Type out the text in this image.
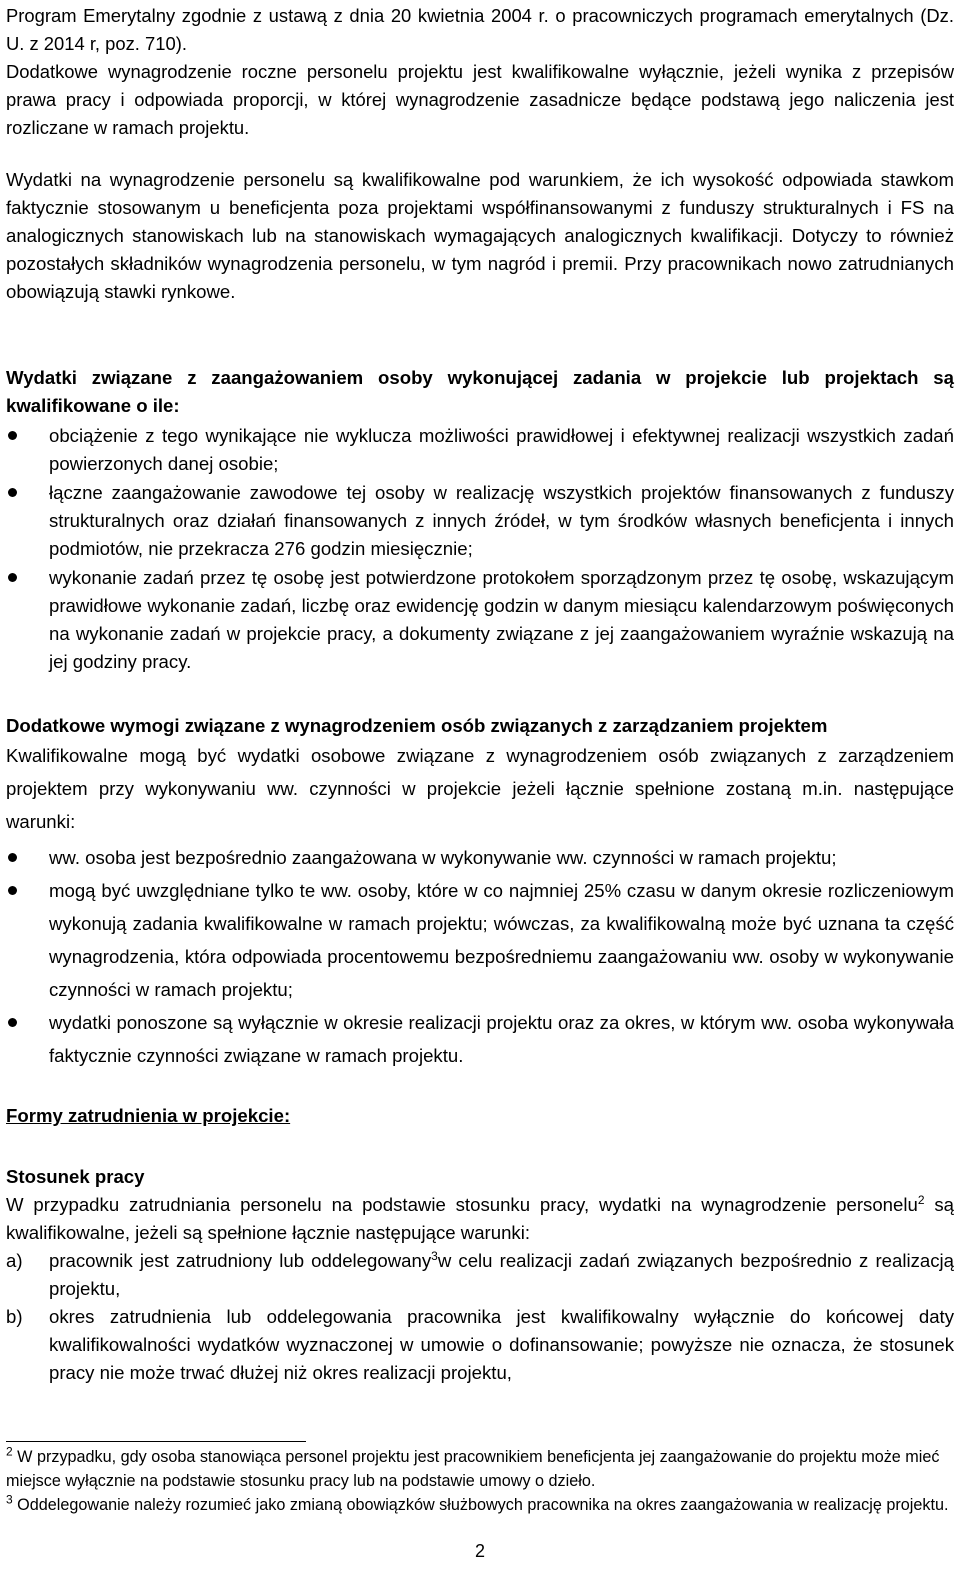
Program Emerytalny zgodnie z ustawą z dnia 20 kwietnia 2004 r. o pracowniczych programach emerytalnych (Dz. U. z 2014 r, poz. 710).

Dodatkowe wynagrodzenie roczne personelu projektu jest kwalifikowalne wyłącznie, jeżeli wynika z przepisów prawa pracy i odpowiada proporcji, w której wynagrodzenie zasadnicze będące podstawą jego naliczenia jest rozliczane w ramach projektu.

Wydatki na wynagrodzenie personelu są kwalifikowalne pod warunkiem, że ich wysokość odpowiada stawkom faktycznie stosowanym u beneficjenta poza projektami współfinansowanymi z funduszy strukturalnych i FS na analogicznych stanowiskach lub na stanowiskach wymagających analogicznych kwalifikacji. Dotyczy to również pozostałych składników wynagrodzenia personelu, w tym nagród i premii. Przy pracownikach nowo zatrudnianych obowiązują stawki rynkowe.

Wydatki związane z zaangażowaniem osoby wykonującej zadania w projekcie lub projektach są kwalifikowane o ile:

obciążenie z tego wynikające nie wyklucza możliwości prawidłowej i efektywnej realizacji wszystkich zadań powierzonych danej osobie;
łączne zaangażowanie zawodowe tej osoby w realizację wszystkich projektów finansowanych z funduszy strukturalnych oraz działań finansowanych z innych źródeł, w tym środków własnych beneficjenta i innych podmiotów, nie przekracza 276 godzin miesięcznie;
wykonanie zadań przez tę osobę jest potwierdzone protokołem sporządzonym przez tę osobę, wskazującym prawidłowe wykonanie zadań, liczbę oraz ewidencję godzin w danym miesiącu kalendarzowym poświęconych na wykonanie zadań w projekcie pracy, a dokumenty związane z jej zaangażowaniem wyraźnie wskazują na jej godziny pracy.

Dodatkowe wymogi związane z wynagrodzeniem osób związanych z zarządzaniem projektem

Kwalifikowalne mogą być wydatki osobowe związane z wynagrodzeniem osób związanych z zarządzeniem projektem przy wykonywaniu ww. czynności w projekcie jeżeli łącznie spełnione zostaną m.in. następujące warunki:

ww. osoba jest bezpośrednio zaangażowana w wykonywanie ww. czynności w ramach projektu;
mogą być uwzględniane tylko te ww. osoby, które w co najmniej 25% czasu w danym okresie rozliczeniowym wykonują zadania kwalifikowalne w ramach projektu; wówczas, za kwalifikowalną może być uznana ta część wynagrodzenia, która odpowiada procentowemu bezpośredniemu zaangażowaniu ww. osoby w wykonywanie czynności w ramach projektu;
wydatki ponoszone są wyłącznie w okresie realizacji projektu oraz za okres, w którym ww. osoba wykonywała faktycznie czynności związane w ramach projektu.

Formy zatrudnienia w projekcie:

Stosunek pracy

W przypadku zatrudniania personelu na podstawie stosunku pracy, wydatki na wynagrodzenie personelu$^2$ są kwalifikowalne, jeżeli są spełnione łącznie następujące warunki:

a) pracownik jest zatrudniony lub oddelegowany$^3$w celu realizacji zadań związanych bezpośrednio z realizacją projektu,
b) okres zatrudnienia lub oddelegowania pracownika jest kwalifikowalny wyłącznie do końcowej daty kwalifikowalności wydatków wyznaczonej w umowie o dofinansowanie; powyższe nie oznacza, że stosunek pracy nie może trwać dłużej niż okres realizacji projektu,

$^2$ W przypadku, gdy osoba stanowiąca personel projektu jest pracownikiem beneficjenta jej zaangażowanie do projektu może mieć miejsce wyłącznie na podstawie stosunku pracy lub na podstawie umowy o dzieło.

$^3$ Oddelegowanie należy rozumieć jako zmianą obowiązków służbowych pracownika na okres zaangażowania w realizację projektu.

2
